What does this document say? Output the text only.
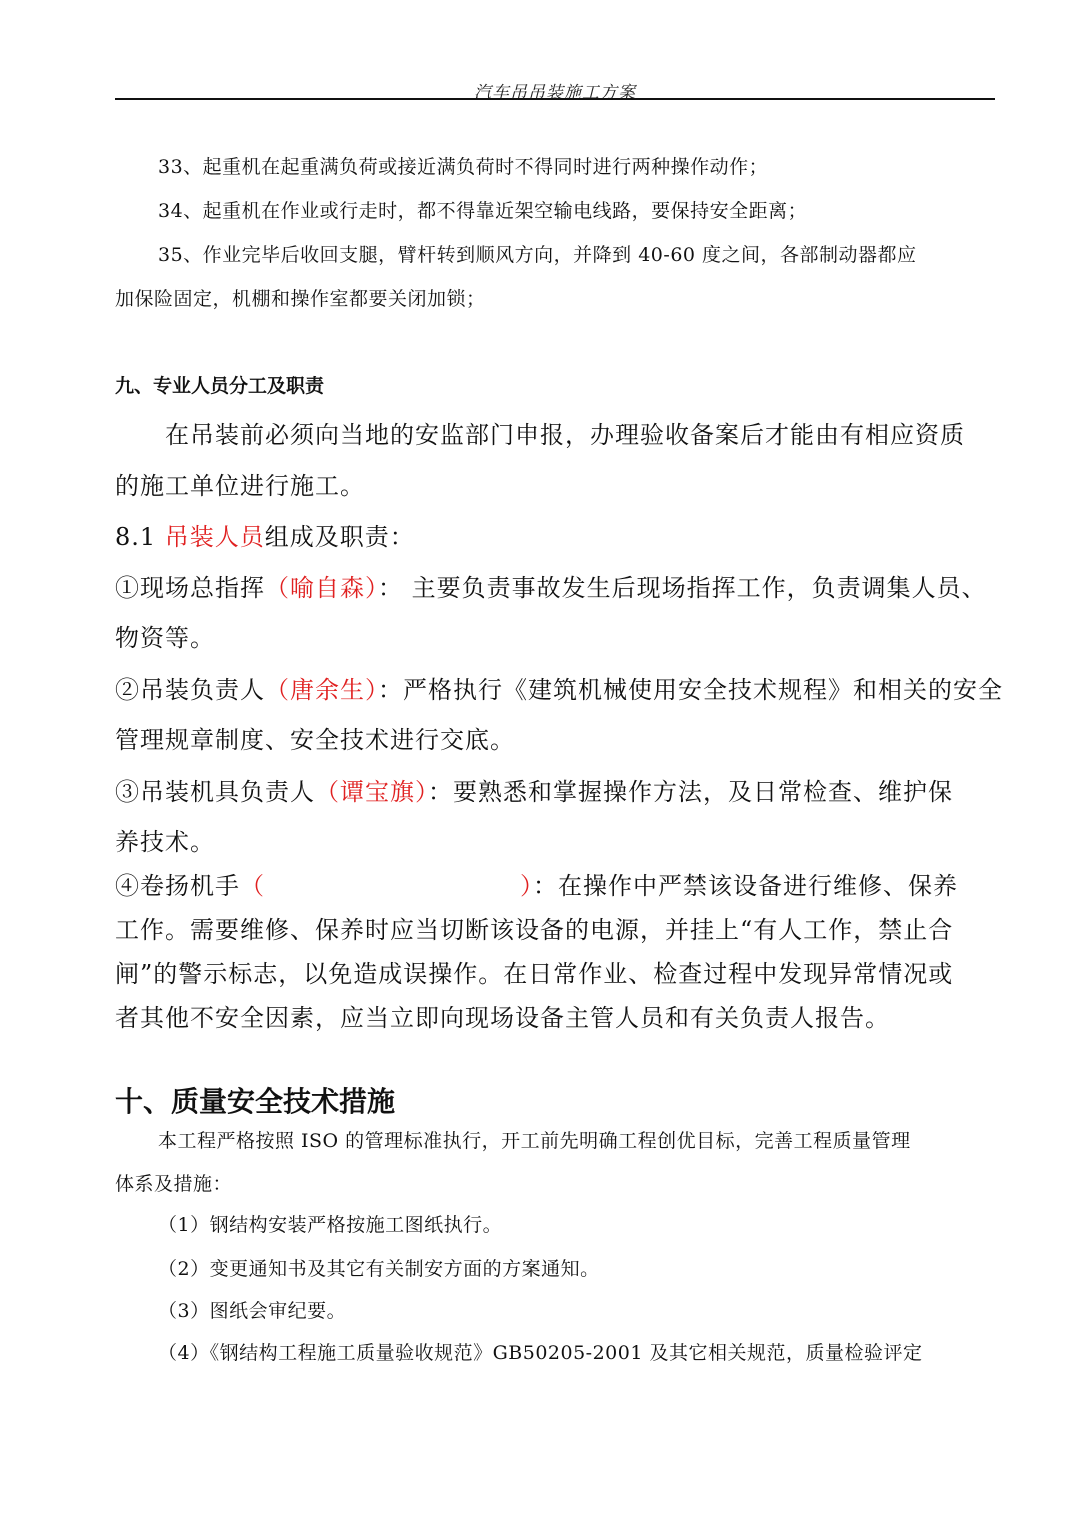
汽车吊吊装施工方案
33、起重机在起重满负荷或接近满负荷时不得同时进行两种操作动作；
34、起重机在作业或行走时，都不得靠近架空输电线路，要保持安全距离；
35、作业完毕后收回支腿，臂杆转到顺风方向，并降到 40-60 度之间，各部制动器都应
加保险固定，机棚和操作室都要关闭加锁；
九、专业人员分工及职责
在吊装前必须向当地的安监部门申报，办理验收备案后才能由有相应资质
的施工单位进行施工。
8.1 吊装人员组成及职责：
①现场总指挥（喻自森）： 主要负责事故发生后现场指挥工作，负责调集人员、
物资等。
②吊装负责人（唐余生）：严格执行《建筑机械使用安全技术规程》和相关的安全
管理规章制度、安全技术进行交底。
③吊装机具负责人（谭宝旗）：要熟悉和掌握操作方法，及日常检查、维护保
养技术。
④卷扬机手（	）：在操作中严禁该设备进行维修、保养
工作。需要维修、保养时应当切断该设备的电源，并挂上“有人工作，禁止合
闸”的警示标志，以免造成误操作。在日常作业、检查过程中发现异常情况或
者其他不安全因素，应当立即向现场设备主管人员和有关负责人报告。
十、质量安全技术措施
本工程严格按照 ISO 的管理标准执行，开工前先明确工程创优目标，完善工程质量管理
体系及措施：
（1）钢结构安装严格按施工图纸执行。
（2）变更通知书及其它有关制安方面的方案通知。
（3）图纸会审纪要。
（4）《钢结构工程施工质量验收规范》GB50205-2001 及其它相关规范，质量检验评定
